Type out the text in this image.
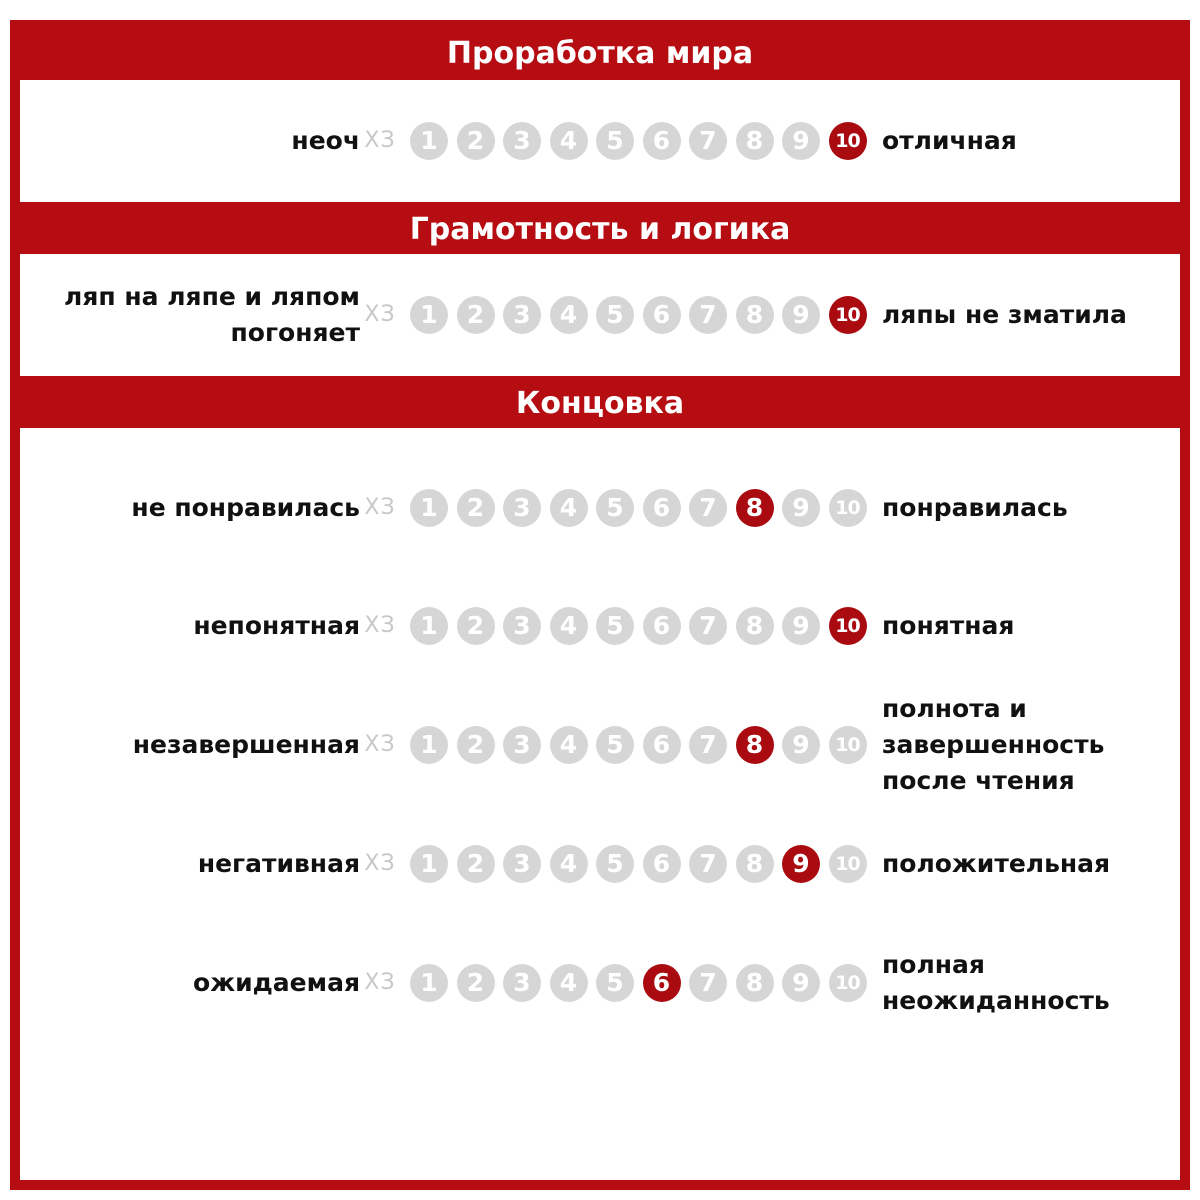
Проработка мира
неоч	отличная
ХЗ 1	2	3	4	5	6	7	8	9	10
Грамотность и логика
ляп на ляпе и ляпом погоняет
ляпы не зматила
ХЗ 1	2	3	4	5	6	7	8	9	10
Концовка
не понравилась	понравилась
ХЗ 1	2	3	4	5	6	7	8	9	10
непонятная	понятная
ХЗ 1	2	3	4	5	6	7	8	9	10
незавершенная
полнота и завершенность после чтения
ХЗ 1	2	3	4	5	6	7	8	9	10
негативная	положительная
ХЗ 1	2	3	4	5	6	7	8	9	10
ожидаемая
полная неожиданность
ХЗ 1	2	3	4	5	6	7	8	9	10
